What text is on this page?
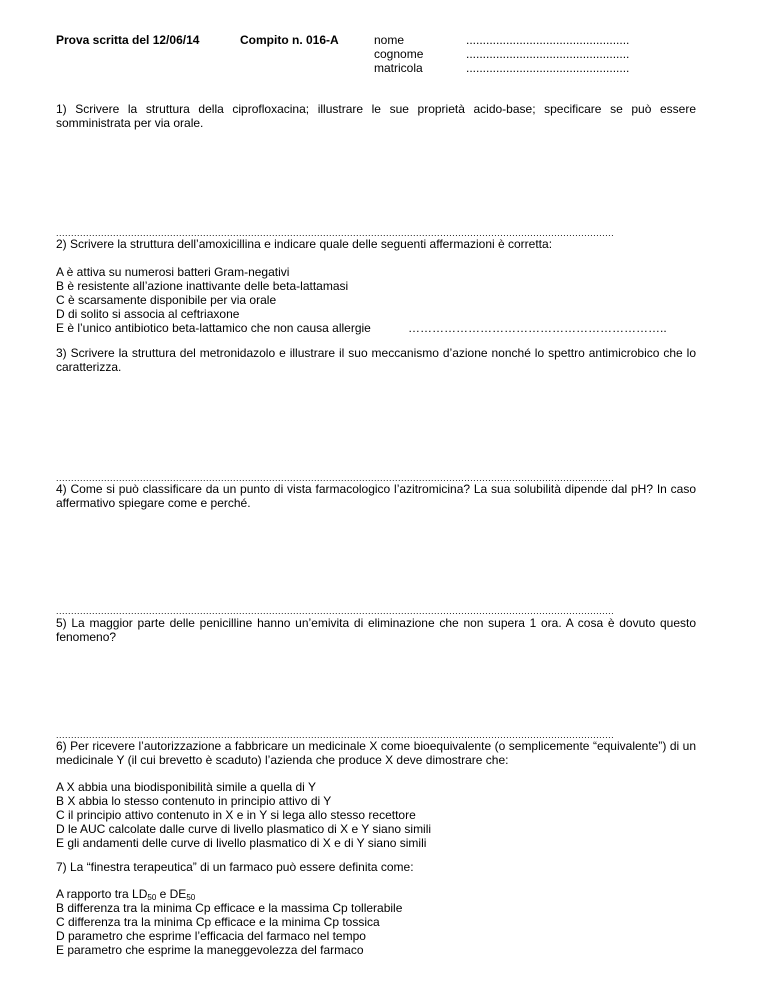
Prova scritta del 12/06/14	Compito n. 016-A	nome	.................................................
cognome	.................................................
matricola	.................................................
1) Scrivere la struttura della ciprofloxacina; illustrare le sue proprietà acido-base; specificare se può essere somministrata per via orale.
..........................................................................................................................................................................................
2) Scrivere la struttura dell’amoxicillina e indicare quale delle seguenti affermazioni è corretta:
A è attiva su numerosi batteri Gram-negativi
B è resistente all’azione inattivante delle beta-lattamasi
C è scarsamente disponibile per via orale
D di solito si associa al ceftriaxone
E è l’unico antibiotico beta-lattamico che non causa allergie	………………………………………………………..
3) Scrivere la struttura del metronidazolo e illustrare il suo meccanismo d’azione nonché lo spettro antimicrobico che lo caratterizza.
..........................................................................................................................................................................................
4) Come si può classificare da un punto di vista farmacologico l’azitromicina? La sua solubilità dipende dal pH? In caso affermativo spiegare come e perché.
..........................................................................................................................................................................................
5) La maggior parte delle penicilline hanno un’emivita di eliminazione che non supera 1 ora. A cosa è dovuto questo fenomeno?
..........................................................................................................................................................................................
6) Per ricevere l’autorizzazione a fabbricare un medicinale X come bioequivalente (o semplicemente “equivalente”) di un medicinale Y (il cui brevetto è scaduto) l’azienda che produce X deve dimostrare che:
A X abbia una biodisponibilità simile a quella di Y
B X abbia lo stesso contenuto in principio attivo di Y
C il principio attivo contenuto in X e in Y si lega allo stesso recettore
D le AUC calcolate dalle curve di livello plasmatico di X e Y siano simili
E gli andamenti delle curve di livello plasmatico di X e di Y siano simili
7) La “finestra terapeutica” di un farmaco può essere definita come:
A rapporto tra $LD_{50}$ e $DE_{50}$
B differenza tra la minima Cp efficace e la massima Cp tollerabile
C differenza tra la minima Cp efficace e la minima Cp tossica
D parametro che esprime l’efficacia del farmaco nel tempo
E parametro che esprime la maneggevolezza del farmaco
